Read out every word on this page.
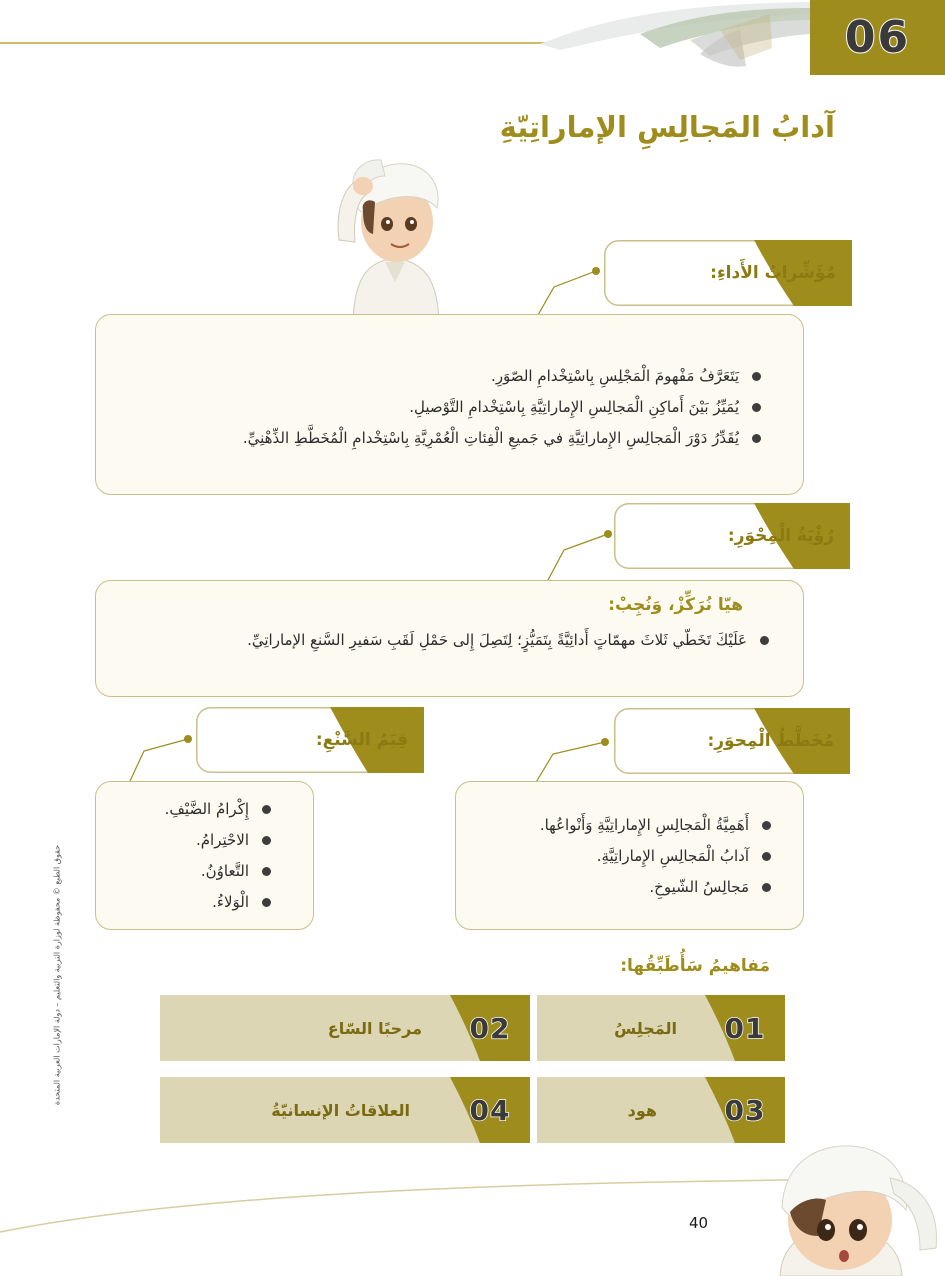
06
آدابُ المَجالِسِ الإماراتِيّةِ
مُؤَشِّراتُ الأَداءِ:
يَتَعَرَّفُ مَفْهومَ الْمَجْلِسِ بِاسْتِخْدامِ الصّوَرِ.
يُمَيِّزُ بَيْنَ أَماكِنِ الْمَجالِسِ الإِماراتِيَّةِ بِاسْتِخْدامِ التَّوْصيلِ.
يُقَدِّرُ دَوْرَ الْمَجالِسِ الإِماراتِيَّةِ في جَميعِ الْفِئاتِ الْعُمْرِيَّةِ بِاسْتِخْدامِ الْمُخَطَّطِ الذِّهْنِيِّ.
رُؤْيَةُ الْمِحْوَرِ:
هيّا نُرَكِّزْ، وَنُجِبْ:
عَلَيْكَ تَخَطّي ثَلاثَ مهمّاتٍ أَدائِيَّةً بِتَمَيُّزٍ؛ لِتَصِلَ إِلى حَمْلِ لَقَبِ سَفيرِ السَّنعِ الإماراتِيِّ.
مُخَطَّطُ الْمِحوَرِ:
أَهَمِيَّةُ الْمَجالِسِ الإِماراتِيَّةِ وَأَنْواعُها.
آدابُ الْمَجالِسِ الإِماراتِيَّةِ.
مَجالِسُ الشّيوخِ.
قِيَمُ السَّنْعِ:
إِكْرامُ الضَّيْفِ.
الاحْتِرامُ.
التَّعاوُنُ.
الْوَلاءُ.
مَفاهيمُ سَأُطَبِّقُها:
01
المَجلِسُ
02
مرحبًا السّاع
03
هود
04
العلاقاتُ الإنسانيّةُ
حقوق الطبع © محفوظة لوزارة التربية والتعليم – دولة الإمارات العربية المتحدة
40
